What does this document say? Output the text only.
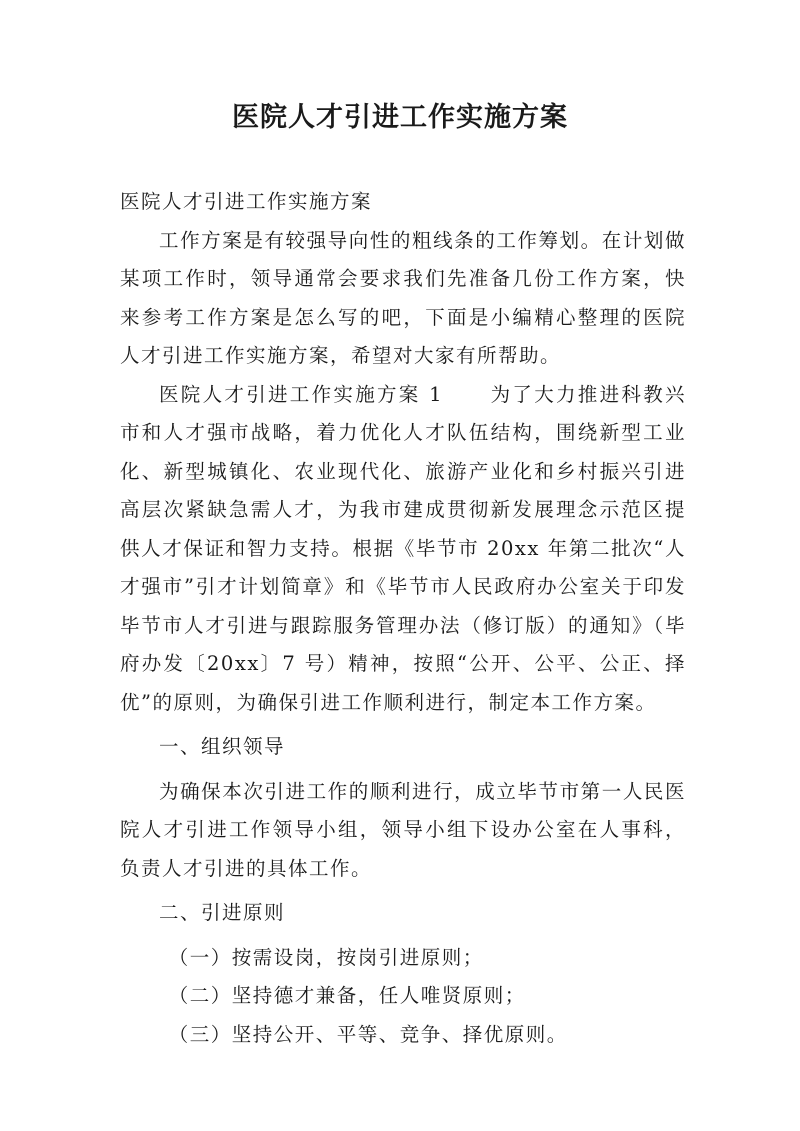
医院人才引进工作实施方案

医院人才引进工作实施方案

工作方案是有较强导向性的粗线条的工作筹划。在计划做某项工作时，领导通常会要求我们先准备几份工作方案，快来参考工作方案是怎么写的吧，下面是小编精心整理的医院人才引进工作实施方案，希望对大家有所帮助。

医院人才引进工作实施方案 1 为了大力推进科教兴市和人才强市战略，着力优化人才队伍结构，围绕新型工业化、新型城镇化、农业现代化、旅游产业化和乡村振兴引进高层次紧缺急需人才，为我市建成贯彻新发展理念示范区提供人才保证和智力支持。根据《毕节市 20xx 年第二批次“人才强市”引才计划简章》和《毕节市人民政府办公室关于印发毕节市人才引进与跟踪服务管理办法（修订版）的通知》（毕府办发〔20xx〕7 号）精神，按照“公开、公平、公正、择优”的原则，为确保引进工作顺利进行，制定本工作方案。

一、组织领导

为确保本次引进工作的顺利进行，成立毕节市第一人民医院人才引进工作领导小组，领导小组下设办公室在人事科，负责人才引进的具体工作。

二、引进原则

（一）按需设岗，按岗引进原则；

（二）坚持德才兼备，任人唯贤原则；

（三）坚持公开、平等、竞争、择优原则。
